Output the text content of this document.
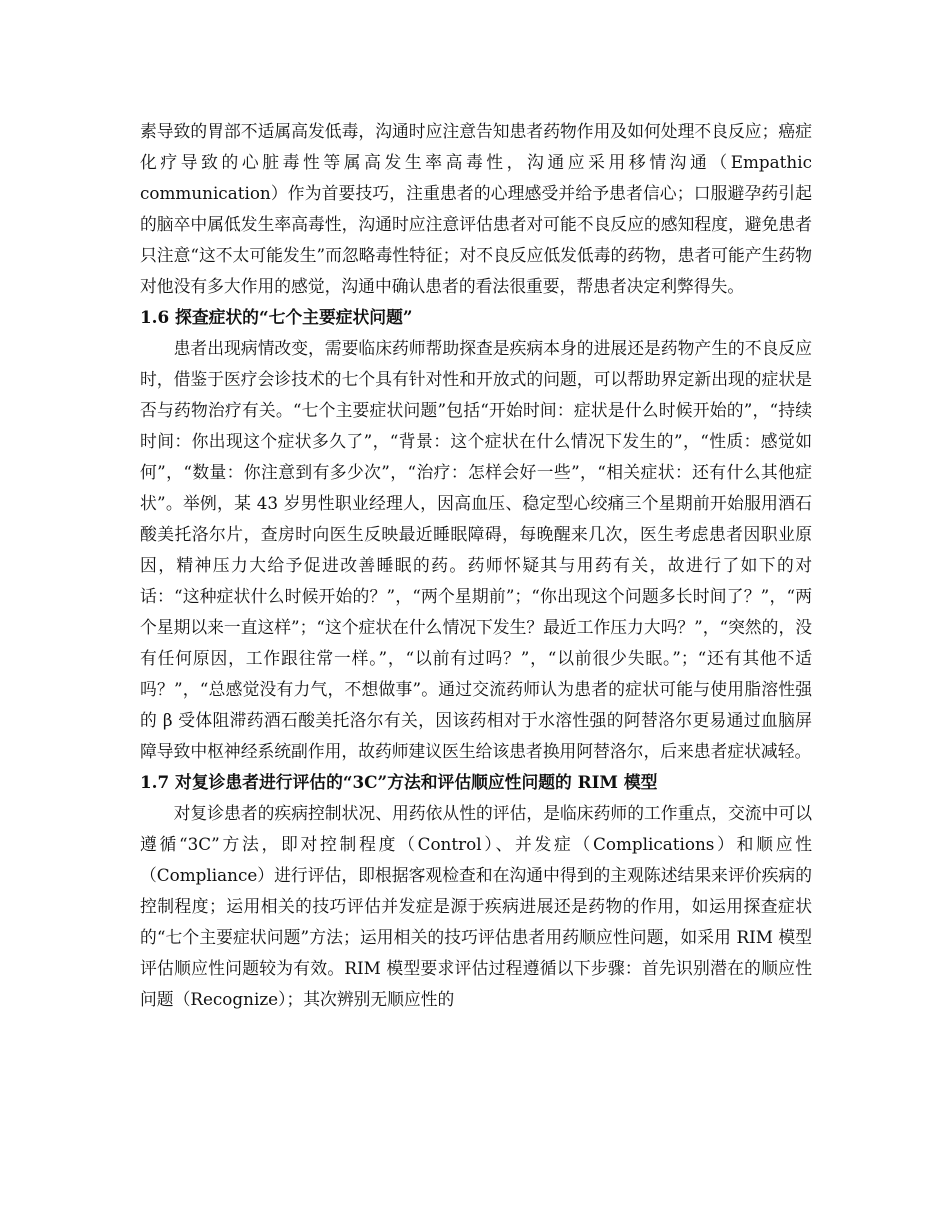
素导致的胃部不适属高发低毒，沟通时应注意告知患者药物作用及如何处理不良反应；癌症化疗导致的心脏毒性等属高发生率高毒性，沟通应采用移情沟通（Empathic communication）作为首要技巧，注重患者的心理感受并给予患者信心；口服避孕药引起的脑卒中属低发生率高毒性，沟通时应注意评估患者对可能不良反应的感知程度，避免患者只注意“这不太可能发生”而忽略毒性特征；对不良反应低发低毒的药物，患者可能产生药物对他没有多大作用的感觉，沟通中确认患者的看法很重要，帮患者决定利弊得失。

1.6 探查症状的“七个主要症状问题”

患者出现病情改变，需要临床药师帮助探查是疾病本身的进展还是药物产生的不良反应时，借鉴于医疗会诊技术的七个具有针对性和开放式的问题，可以帮助界定新出现的症状是否与药物治疗有关。“七个主要症状问题”包括“开始时间：症状是什么时候开始的”，“持续时间：你出现这个症状多久了”，“背景：这个症状在什么情况下发生的”，“性质：感觉如何”，“数量：你注意到有多少次”，“治疗：怎样会好一些”，“相关症状：还有什么其他症状”。举例，某 43 岁男性职业经理人，因高血压、稳定型心绞痛三个星期前开始服用酒石酸美托洛尔片，查房时向医生反映最近睡眠障碍，每晚醒来几次，医生考虑患者因职业原因，精神压力大给予促进改善睡眠的药。药师怀疑其与用药有关，故进行了如下的对话：“这种症状什么时候开始的？”，“两个星期前”；“你出现这个问题多长时间了？”，“两个星期以来一直这样”；“这个症状在什么情况下发生？最近工作压力大吗？”，“突然的，没有任何原因，工作跟往常一样。”，“以前有过吗？”，“以前很少失眠。”；“还有其他不适吗？”，“总感觉没有力气，不想做事”。通过交流药师认为患者的症状可能与使用脂溶性强的 β 受体阻滞药酒石酸美托洛尔有关，因该药相对于水溶性强的阿替洛尔更易通过血脑屏障导致中枢神经系统副作用，故药师建议医生给该患者换用阿替洛尔，后来患者症状减轻。

1.7 对复诊患者进行评估的“3C”方法和评估顺应性问题的 RIM 模型

对复诊患者的疾病控制状况、用药依从性的评估，是临床药师的工作重点，交流中可以遵循“3C”方法，即对控制程度（Control）、并发症（Complications）和顺应性（Compliance）进行评估，即根据客观检查和在沟通中得到的主观陈述结果来评价疾病的控制程度；运用相关的技巧评估并发症是源于疾病进展还是药物的作用，如运用探查症状的“七个主要症状问题”方法；运用相关的技巧评估患者用药顺应性问题，如采用 RIM 模型评估顺应性问题较为有效。RIM 模型要求评估过程遵循以下步骤：首先识别潜在的顺应性问题（Recognize）；其次辨别无顺应性的
